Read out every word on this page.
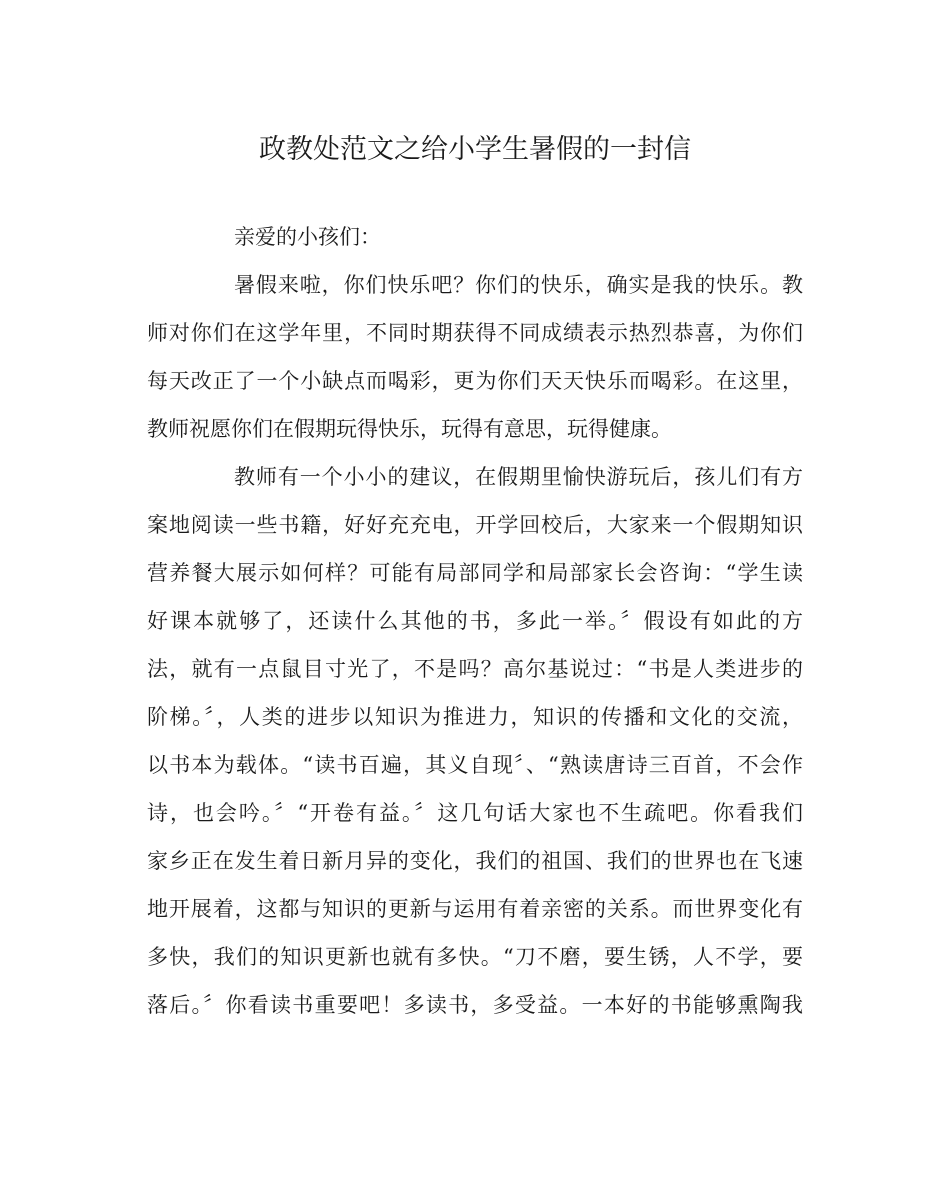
政教处范文之给小学生暑假的一封信
亲爱的小孩们：
暑假来啦，你们快乐吧？你们的快乐，确实是我的快乐。教
师对你们在这学年里，不同时期获得不同成绩表示热烈恭喜，为你们
每天改正了一个小缺点而喝彩，更为你们天天快乐而喝彩。在这里，
教师祝愿你们在假期玩得快乐，玩得有意思，玩得健康。
教师有一个小小的建议，在假期里愉快游玩后，孩儿们有方
案地阅读一些书籍，好好充充电，开学回校后，大家来一个假期知识
营养餐大展示如何样？可能有局部同学和局部家长会咨询：“学生读
好课本就够了，还读什么其他的书，多此一举。〞假设有如此的方
法，就有一点鼠目寸光了，不是吗？高尔基说过：“书是人类进步的
阶梯。〞，人类的进步以知识为推进力，知识的传播和文化的交流，
以书本为载体。“读书百遍，其义自现〞、“熟读唐诗三百首，不会作
诗，也会吟。〞“开卷有益。〞这几句话大家也不生疏吧。你看我们
家乡正在发生着日新月异的变化，我们的祖国、我们的世界也在飞速
地开展着，这都与知识的更新与运用有着亲密的关系。而世界变化有
多快，我们的知识更新也就有多快。“刀不磨，要生锈，人不学，要
落后。〞你看读书重要吧！多读书，多受益。一本好的书能够熏陶我
